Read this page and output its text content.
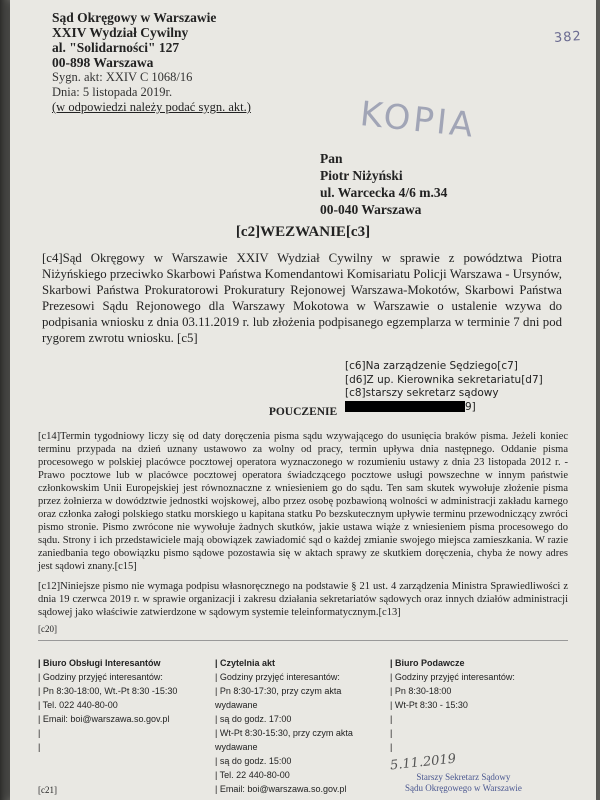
Sąd Okręgowy w Warszawie
XXIV Wydział Cywilny
al. "Solidarności" 127
00-898 Warszawa
Sygn. akt: XXIV C 1068/16
Dnia: 5 listopada 2019r.
(w odpowiedzi należy podać sygn. akt.)
382
KOPIA
Pan
Piotr Niżyński
ul. Warcecka 4/6 m.34
00-040 Warszawa
[c2]WEZWANIE[c3]
[c4]Sąd Okręgowy w Warszawie XXIV Wydział Cywilny w sprawie z powództwa Piotra Niżyńskiego przeciwko Skarbowi Państwa Komendantowi Komisariatu Policji Warszawa - Ursynów, Skarbowi Państwa Prokuratorowi Prokuratury Rejonowej Warszawa-Mokotów, Skarbowi Państwa Prezesowi Sądu Rejonowego dla Warszawy Mokotowa w Warszawie o ustalenie wzywa do podpisania wniosku z dnia 03.11.2019 r. lub złożenia podpisanego egzemplarza w terminie 7 dni pod rygorem zwrotu wniosku. [c5]
[c6]Na zarządzenie Sędziego[c7]
[d6]Z up. Kierownika sekretariatu[d7]
[c8]starszy sekretarz sądowy9]
POUCZENIE
[c14]Termin tygodniowy liczy się od daty doręczenia pisma sądu wzywającego do usunięcia braków pisma. Jeżeli koniec terminu przypada na dzień uznany ustawowo za wolny od pracy, termin upływa dnia następnego. Oddanie pisma procesowego w polskiej placówce pocztowej operatora wyznaczonego w rozumieniu ustawy z dnia 23 listopada 2012 r. - Prawo pocztowe lub w placówce pocztowej operatora świadczącego pocztowe usługi powszechne w innym państwie członkowskim Unii Europejskiej jest równoznaczne z wniesieniem go do sądu. Ten sam skutek wywołuje złożenie pisma przez żołnierza w dowództwie jednostki wojskowej, albo przez osobę pozbawioną wolności w administracji zakładu karnego oraz członka załogi polskiego statku morskiego u kapitana statku Po bezskutecznym upływie terminu przewodniczący zwróci pismo stronie. Pismo zwrócone nie wywołuje żadnych skutków, jakie ustawa wiąże z wniesieniem pisma procesowego do sądu. Strony i ich przedstawiciele mają obowiązek zawiadomić sąd o każdej zmianie swojego miejsca zamieszkania. W razie zaniedbania tego obowiązku pismo sądowe pozostawia się w aktach sprawy ze skutkiem doręczenia, chyba że nowy adres jest sądowi znany.[c15]
[c12]Niniejsze pismo nie wymaga podpisu własnoręcznego na podstawie § 21 ust. 4 zarządzenia Ministra Sprawiedliwości z dnia 19 czerwca 2019 r. w sprawie organizacji i zakresu działania sekretariatów sądowych oraz innych działów administracji sądowej jako właściwie zatwierdzone w sądowym systemie teleinformatycznym.[c13]
[c20]
| Biuro Obsługi Interesantów
| Godziny przyjęć interesantów:
| Pn 8:30-18:00, Wt.-Pt 8:30 -15:30
| Tel. 022 440-80-00
| Email: boi@warszawa.so.gov.pl
|
|
| Czytelnia akt
| Godziny przyjęć interesantów:
| Pn 8:30-17:30, przy czym akta wydawane
| są do godz. 17:00
| Wt-Pt 8:30-15:30, przy czym akta wydawane
| są do godz. 15:00
| Tel. 22 440-80-00
| Email: boi@warszawa.so.gov.pl
| Biuro Podawcze
| Godziny przyjęć interesantów:
| Pn 8:30-18:00
| Wt-Pt 8:30 - 15:30
|
|
|
[c21]
5.11.2019
Starszy Sekretarz Sądowy
Sądu Okręgowego w Warszawie
